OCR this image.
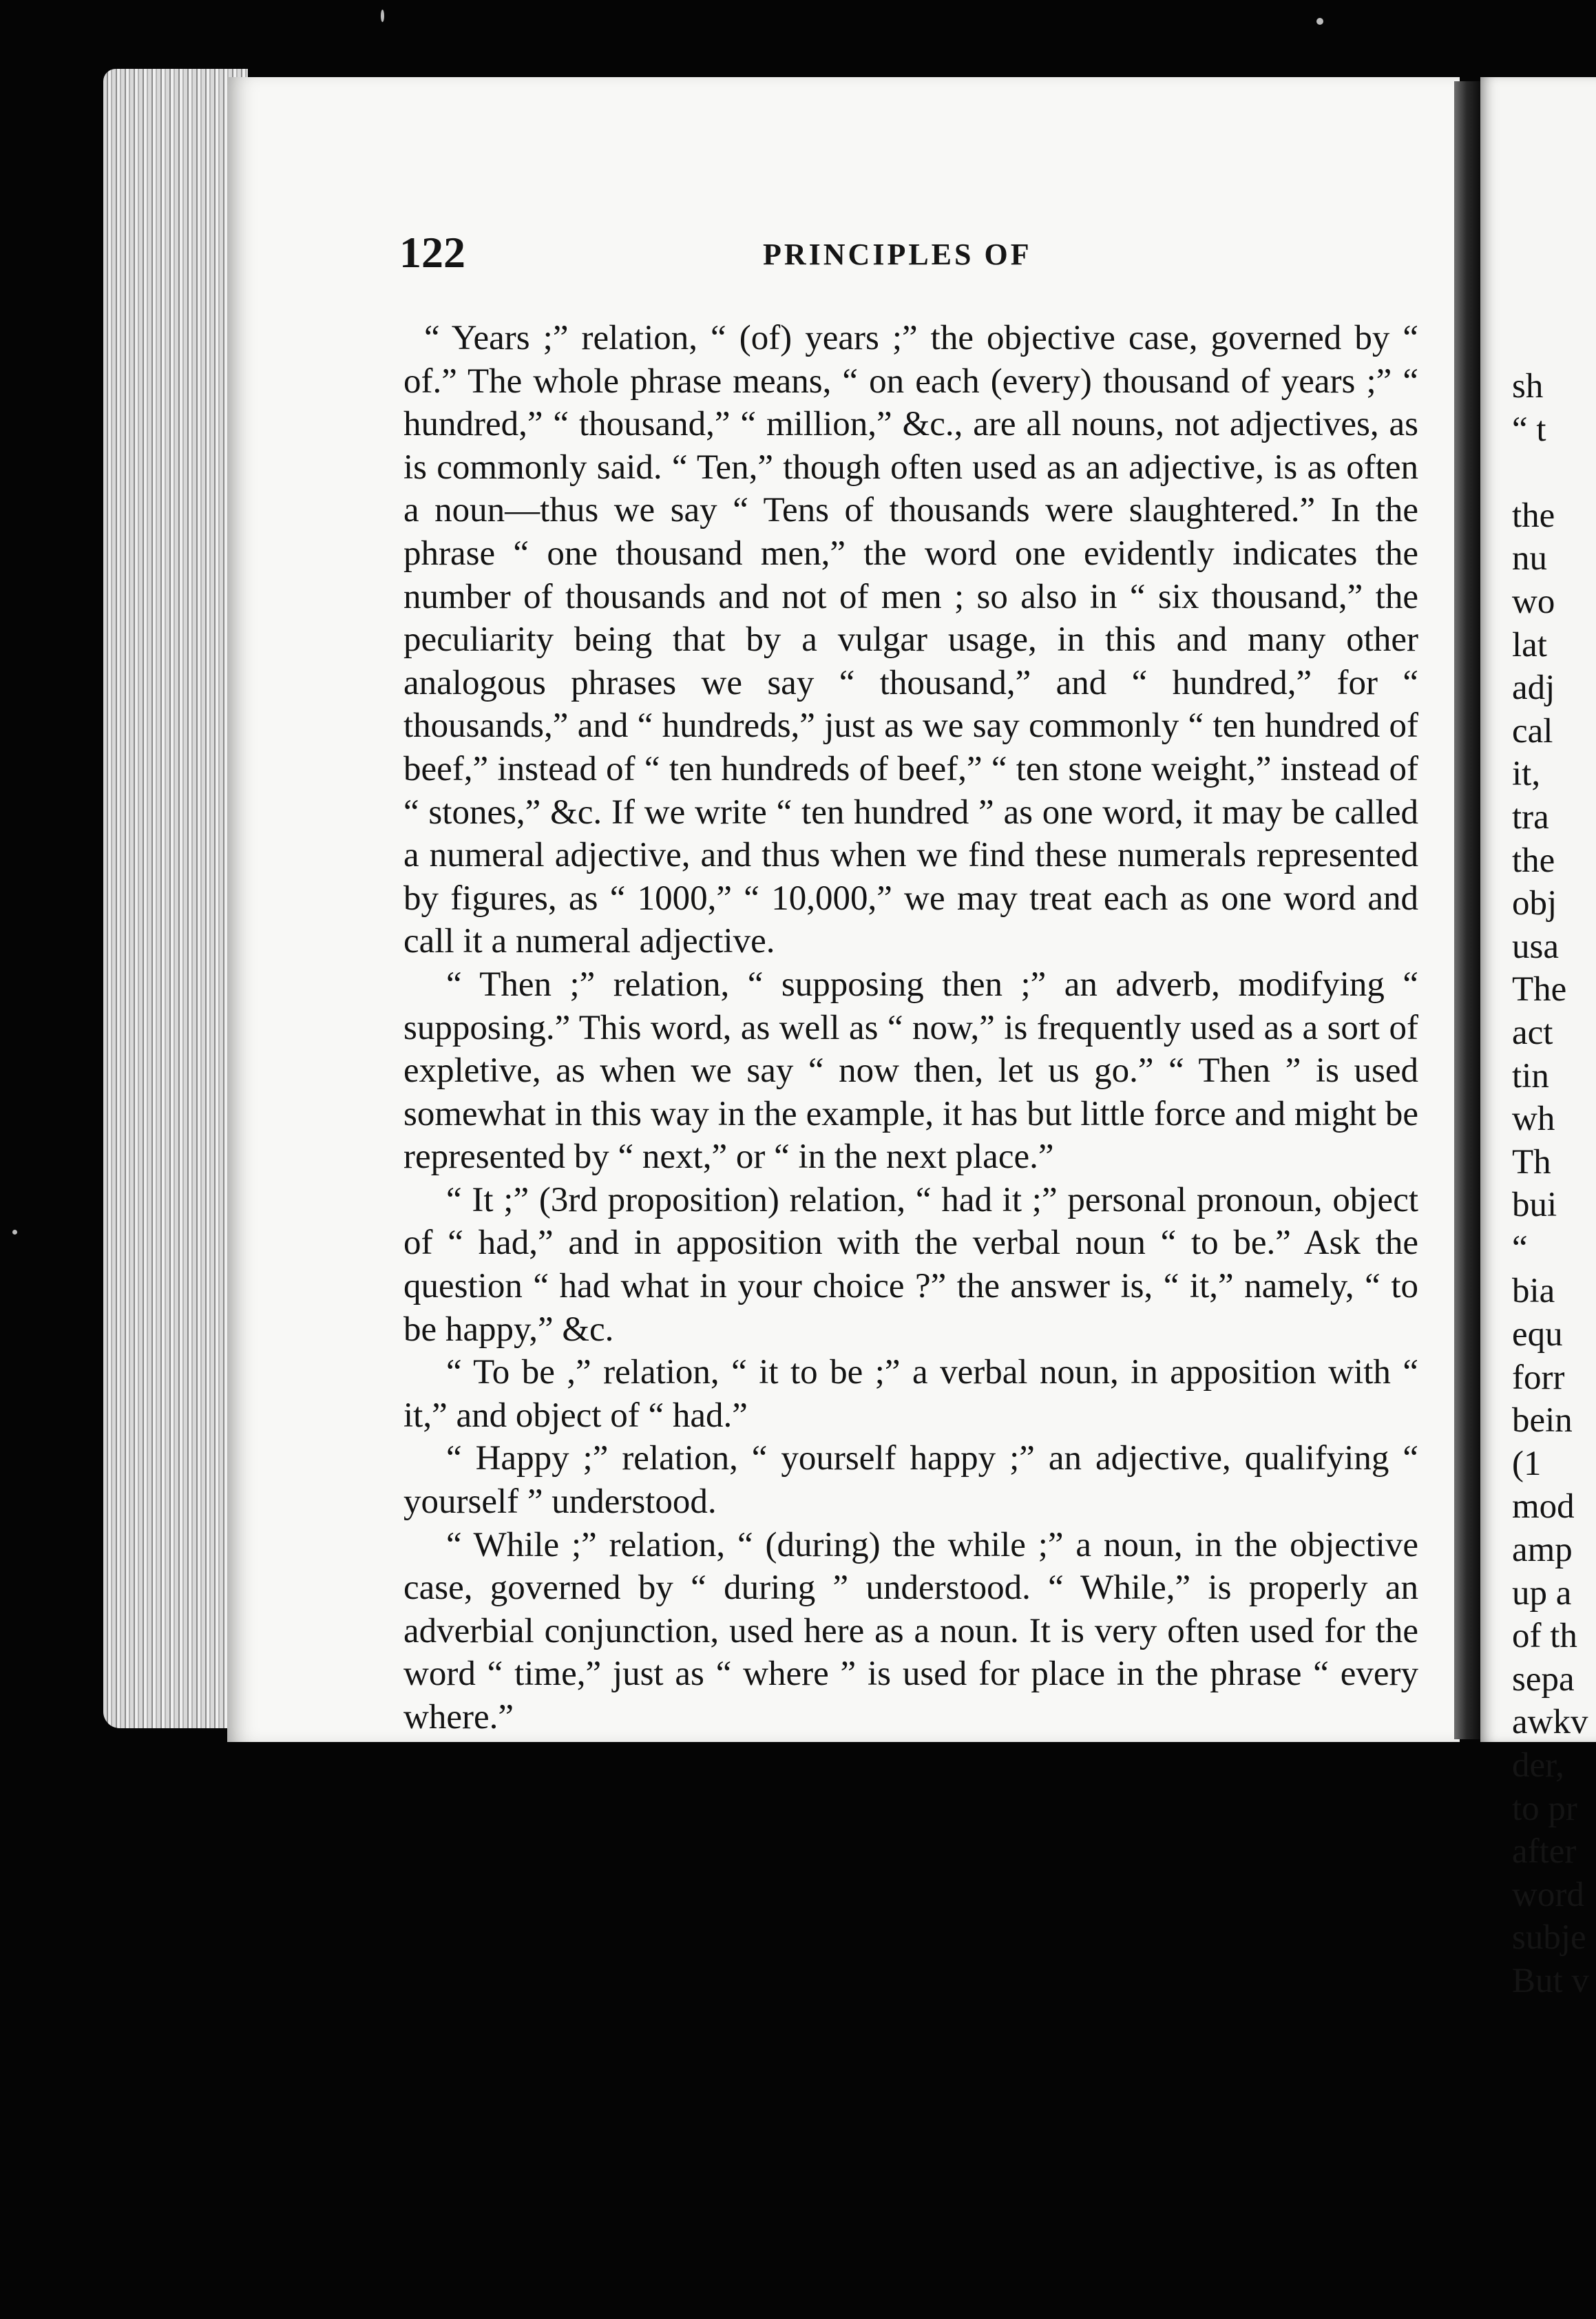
122	PRINCIPLES OF

“ Years ;” relation, “ (of) years ;” the objective case, governed by “ of.” The whole phrase means, “ on each (every) thousand of years ;” “ hundred,” “ thousand,” “ million,” &c., are all nouns, not adjectives, as is commonly said. “ Ten,” though often used as an adjective, is as often a noun—thus we say “ Tens of thousands were slaughtered.” In the phrase “ one thousand men,” the word one evidently indicates the number of thousands and not of men ; so also in “ six thousand,” the peculiarity being that by a vulgar usage, in this and many other analogous phrases we say “ thousand,” and “ hundred,” for “ thousands,” and “ hundreds,” just as we say commonly “ ten hundred of beef,” instead of “ ten hundreds of beef,” “ ten stone weight,” instead of “ stones,” &c. If we write “ ten hundred ” as one word, it may be called a numeral adjective, and thus when we find these numerals represented by figures, as “ 1000,” “ 10,000,” we may treat each as one word and call it a numeral adjective.

“ Then ;” relation, “ supposing then ;” an adverb, modifying “ supposing.” This word, as well as “ now,” is frequently used as a sort of expletive, as when we say “ now then, let us go.” “ Then ” is used somewhat in this way in the example, it has but little force and might be represented by “ next,” or “ in the next place.”

“ It ;” (3rd proposition) relation, “ had it ;” personal pronoun, object of “ had,” and in apposition with the verbal noun “ to be.” Ask the question “ had what in your choice ?” the answer is, “ it,” namely, “ to be happy,” &c.

“ To be ,” relation, “ it to be ;” a verbal noun, in apposition with “ it,” and object of “ had.”

“ Happy ;” relation, “ yourself happy ;” an adjective, qualifying “ yourself ” understood.

“ While ;” relation, “ (during) the while ;” a noun, in the objective case, governed by “ during ” understood. “ While,” is properly an adverbial conjunction, used here as a noun. It is very often used for the word “ time,” just as “ where ” is used for place in the phrase “ every where.”

sh
“ t
the
nu
wo
lat
adj
cal
it,
tra
the
obj
usa
The
act
tin
wh
Th
bui
“
bia
equ
forr
bein
(1
mod
amp
up a
of th
sepa
awkv
der,
to pr
after
word
subje
But v
